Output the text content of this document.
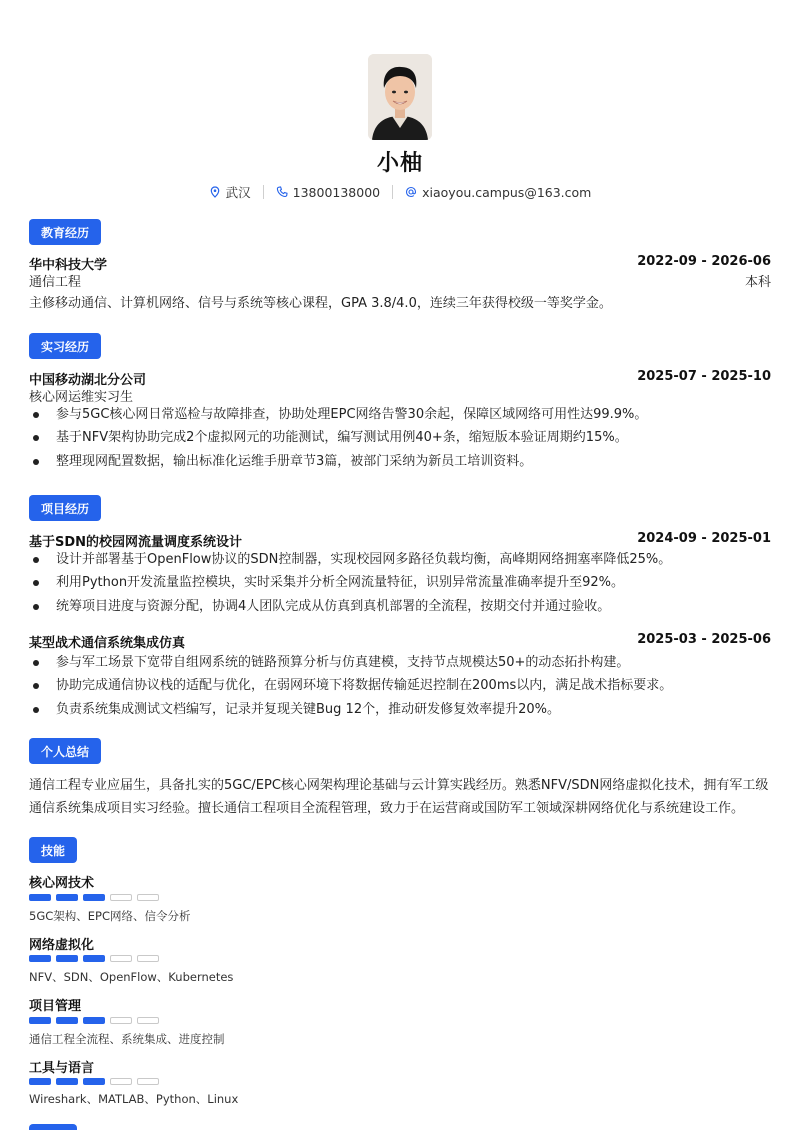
小柚
武汉	13800138000	xiaoyou.campus@163.com
教育经历
华中科技大学	2022-09 - 2026-06
通信工程	本科
主修移动通信、计算机网络、信号与系统等核心课程，GPA 3.8/4.0，连续三年获得校级一等奖学金。
实习经历
中国移动湖北分公司	2025-07 - 2025-10
核心网运维实习生
参与5GC核心网日常巡检与故障排查，协助处理EPC网络告警30余起，保障区域网络可用性达99.9%。
基于NFV架构协助完成2个虚拟网元的功能测试，编写测试用例40+条，缩短版本验证周期约15%。
整理现网配置数据，输出标准化运维手册章节3篇，被部门采纳为新员工培训资料。
项目经历
基于SDN的校园网流量调度系统设计	2024-09 - 2025-01
设计并部署基于OpenFlow协议的SDN控制器，实现校园网多路径负载均衡，高峰期网络拥塞率降低25%。
利用Python开发流量监控模块，实时采集并分析全网流量特征，识别异常流量准确率提升至92%。
统筹项目进度与资源分配，协调4人团队完成从仿真到真机部署的全流程，按期交付并通过验收。
某型战术通信系统集成仿真	2025-03 - 2025-06
参与军工场景下宽带自组网系统的链路预算分析与仿真建模，支持节点规模达50+的动态拓扑构建。
协助完成通信协议栈的适配与优化，在弱网环境下将数据传输延迟控制在200ms以内，满足战术指标要求。
负责系统集成测试文档编写，记录并复现关键Bug 12个，推动研发修复效率提升20%。
个人总结
通信工程专业应届生，具备扎实的5GC/EPC核心网架构理论基础与云计算实践经历。熟悉NFV/SDN网络虚拟化技术，拥有军工级
通信系统集成项目实习经验。擅长通信工程项目全流程管理，致力于在运营商或国防军工领域深耕网络优化与系统建设工作。
技能
核心网技术
5GC架构、EPC网络、信令分析
网络虚拟化
NFV、SDN、OpenFlow、Kubernetes
项目管理
通信工程全流程、系统集成、进度控制
工具与语言
Wireshark、MATLAB、Python、Linux
